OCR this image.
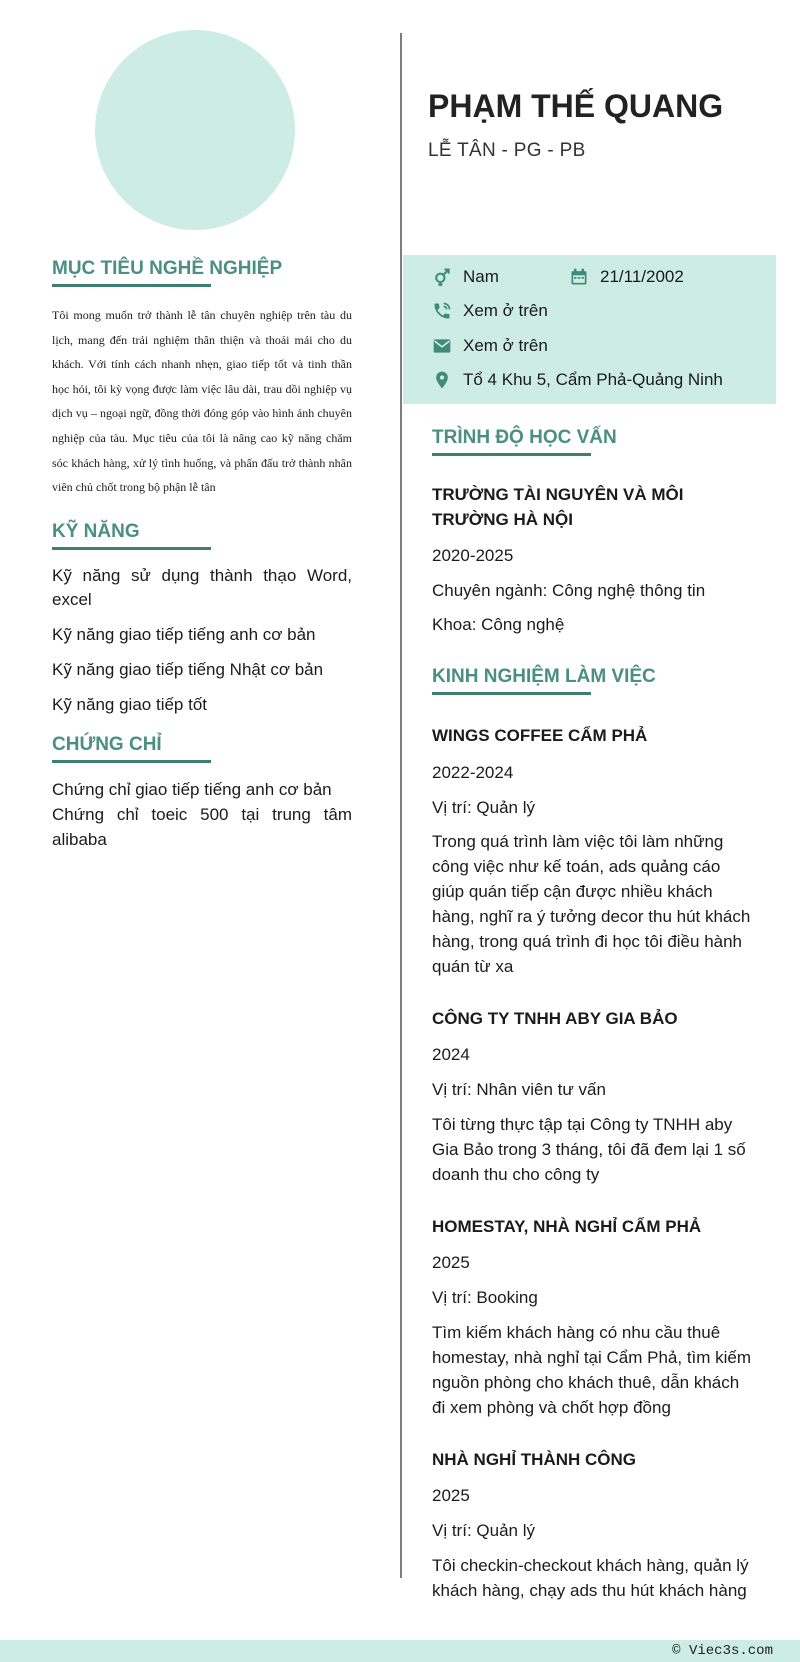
MỤC TIÊU NGHỀ NGHIỆP

Tôi mong muốn trở thành lễ tân chuyên nghiệp trên tàu du lịch, mang đến trải nghiệm thân thiện và thoải mái cho du khách. Với tính cách nhanh nhẹn, giao tiếp tốt và tinh thần học hỏi, tôi kỳ vọng được làm việc lâu dài, trau dồi nghiệp vụ dịch vụ – ngoại ngữ, đồng thời đóng góp vào hình ảnh chuyên nghiệp của tàu. Mục tiêu của tôi là nâng cao kỹ năng chăm sóc khách hàng, xử lý tình huống, và phấn đấu trở thành nhân viên chủ chốt trong bộ phận lễ tân

KỸ NĂNG

Kỹ năng sử dụng thành thạo Word, excel

Kỹ năng giao tiếp tiếng anh cơ bản

Kỹ năng giao tiếp tiếng Nhật cơ bản

Kỹ năng giao tiếp tốt

CHỨNG CHỈ

Chứng chỉ giao tiếp tiếng anh cơ bản

Chứng chỉ toeic 500 tại trung tâm alibaba

PHẠM THẾ QUANG

LỄ TÂN - PG - PB

Nam	21/11/2002
Xem ở trên
Xem ở trên
Tổ 4 Khu 5, Cẩm Phả-Quảng Ninh
TRÌNH ĐỘ HỌC VẤN

TRƯỜNG TÀI NGUYÊN VÀ MÔI TRƯỜNG HÀ NỘI

2020-2025

Chuyên ngành: Công nghệ thông tin

Khoa: Công nghệ

KINH NGHIỆM LÀM VIỆC

WINGS COFFEE CẨM PHẢ

2022-2024

Vị trí: Quản lý

Trong quá trình làm việc tôi làm những công việc như kế toán, ads quảng cáo giúp quán tiếp cận được nhiều khách hàng, nghĩ ra ý tưởng decor thu hút khách hàng, trong quá trình đi học tôi điều hành quán từ xa

CÔNG TY TNHH ABY GIA BẢO

2024

Vị trí: Nhân viên tư vấn

Tôi từng thực tập tại Công ty TNHH aby Gia Bảo trong 3 tháng, tôi đã đem lại 1 số doanh thu cho công ty

HOMESTAY, NHÀ NGHỈ CẨM PHẢ

2025

Vị trí: Booking

Tìm kiếm khách hàng có nhu cầu thuê homestay, nhà nghỉ tại Cẩm Phả, tìm kiếm nguồn phòng cho khách thuê, dẫn khách đi xem phòng và chốt hợp đồng

NHÀ NGHỈ THÀNH CÔNG

2025

Vị trí: Quản lý

Tôi checkin-checkout khách hàng, quản lý khách hàng, chạy ads thu hút khách hàng

© Viec3s.com
